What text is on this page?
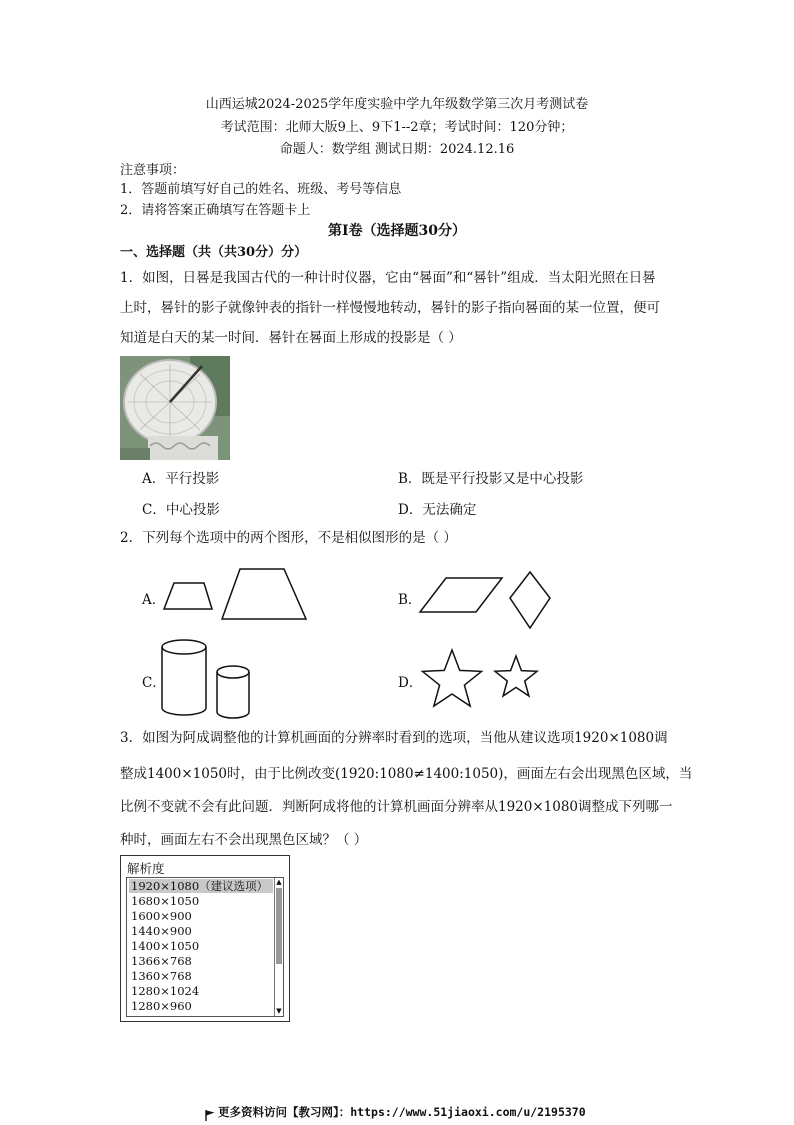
山西运城2024-2025学年度实验中学九年级数学第三次月考测试卷
考试范围：北师大版9上、9下1--2章；考试时间：120分钟；
命题人：数学组 测试日期：2024.12.16
注意事项：
1．答题前填写好自己的姓名、班级、考号等信息
2．请将答案正确填写在答题卡上
第I卷（选择题30分）
一、选择题（共（共30分）分）
1．如图，日晷是我国古代的一种计时仪器，它由“晷面”和“晷针”组成．当太阳光照在日晷
上时，晷针的影子就像钟表的指针一样慢慢地转动，晷针的影子指向晷面的某一位置，便可
知道是白天的某一时间．晷针在晷面上形成的投影是（ ）
A．平行投影	B．既是平行投影又是中心投影
C．中心投影	D．无法确定
2．下列每个选项中的两个图形，不是相似图形的是（ ）
A．	B．
C．	D．
3．如图为阿成调整他的计算机画面的分辨率时看到的选项，当他从建议选项1920×1080调
整成1400×1050时，由于比例改变(1920:1080≠1400:1050)，画面左右会出现黑色区域，当
比例不变就不会有此问题．判断阿成将他的计算机画面分辨率从1920×1080调整成下列哪一
种时，画面左右不会出现黑色区域？（ ）
解析度
1920×1080（建议选项）
1680×1050
1600×900
1440×900
1400×1050
1366×768
1360×768
1280×1024
1280×960
▲
▼
更多资料访问【教习网】：https://www.51jiaoxi.com/u/2195370
